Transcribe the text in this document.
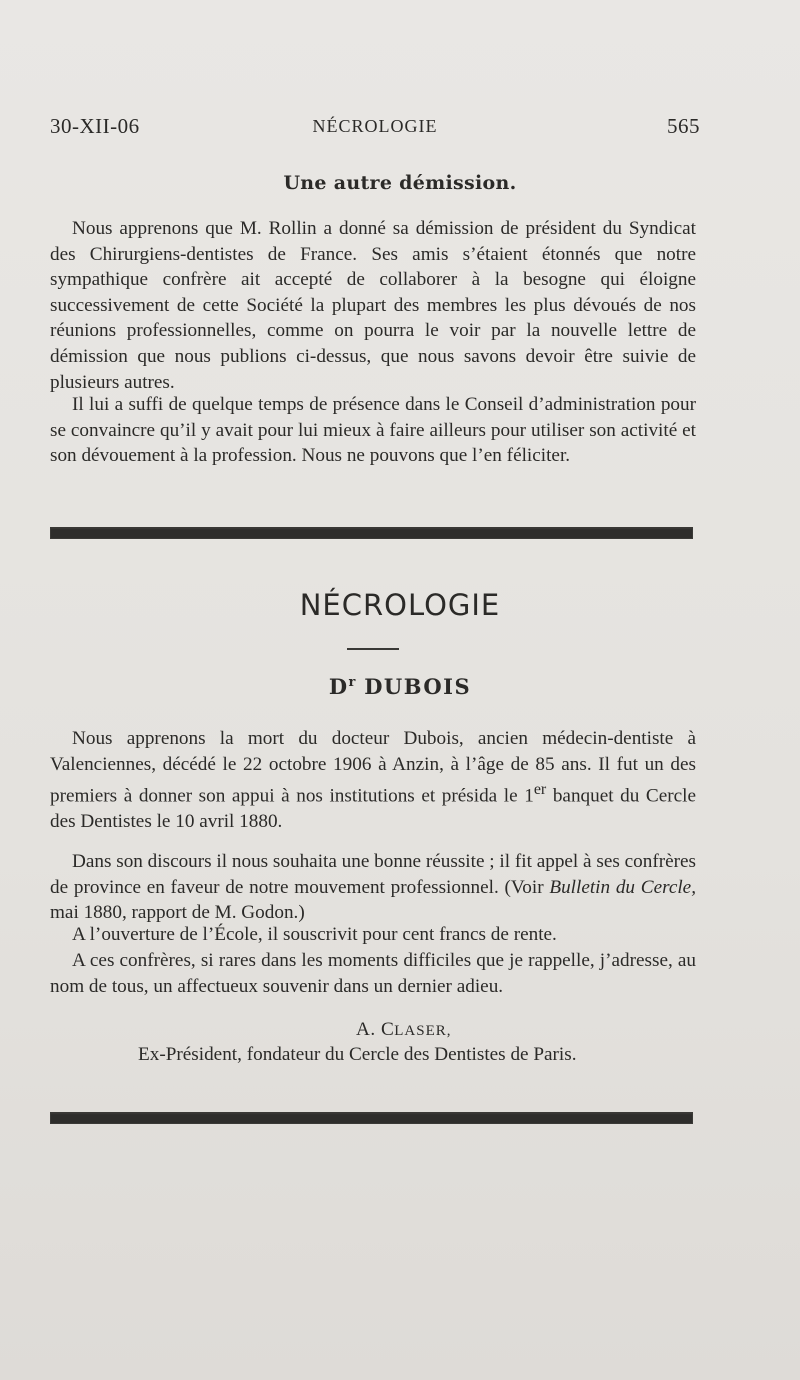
30-XII-06	NÉCROLOGIE	565
Une autre démission.

Nous apprenons que M. Rollin a donné sa démission de président du Syndicat des Chirurgiens-dentistes de France. Ses amis s’étaient étonnés que notre sympathique confrère ait accepté de collaborer à la besogne qui éloigne successivement de cette Société la plupart des membres les plus dévoués de nos réunions professionnelles, comme on pourra le voir par la nouvelle lettre de démission que nous publions ci-dessus, que nous savons devoir être suivie de plusieurs autres.

Il lui a suffi de quelque temps de présence dans le Conseil d’administration pour se convaincre qu’il y avait pour lui mieux à faire ailleurs pour utiliser son activité et son dévouement à la profession. Nous ne pouvons que l’en féliciter.

NÉCROLOGIE
$D^r$ DUBOIS

Nous apprenons la mort du docteur Dubois, ancien médecin-dentiste à Valenciennes, décédé le 22 octobre 1906 à Anzin, à l’âge de 85 ans. Il fut un des premiers à donner son appui à nos institutions et présida le 1er banquet du Cercle des Dentistes le 10 avril 1880.

Dans son discours il nous souhaita une bonne réussite ; il fit appel à ses confrères de province en faveur de notre mouvement professionnel. (Voir Bulletin du Cercle, mai 1880, rapport de M. Godon.)

A l’ouverture de l’École, il souscrivit pour cent francs de rente.

A ces confrères, si rares dans les moments difficiles que je rappelle, j’adresse, au nom de tous, un affectueux souvenir dans un dernier adieu.

A. CLASER,
Ex-Président, fondateur du Cercle des Dentistes de Paris.
